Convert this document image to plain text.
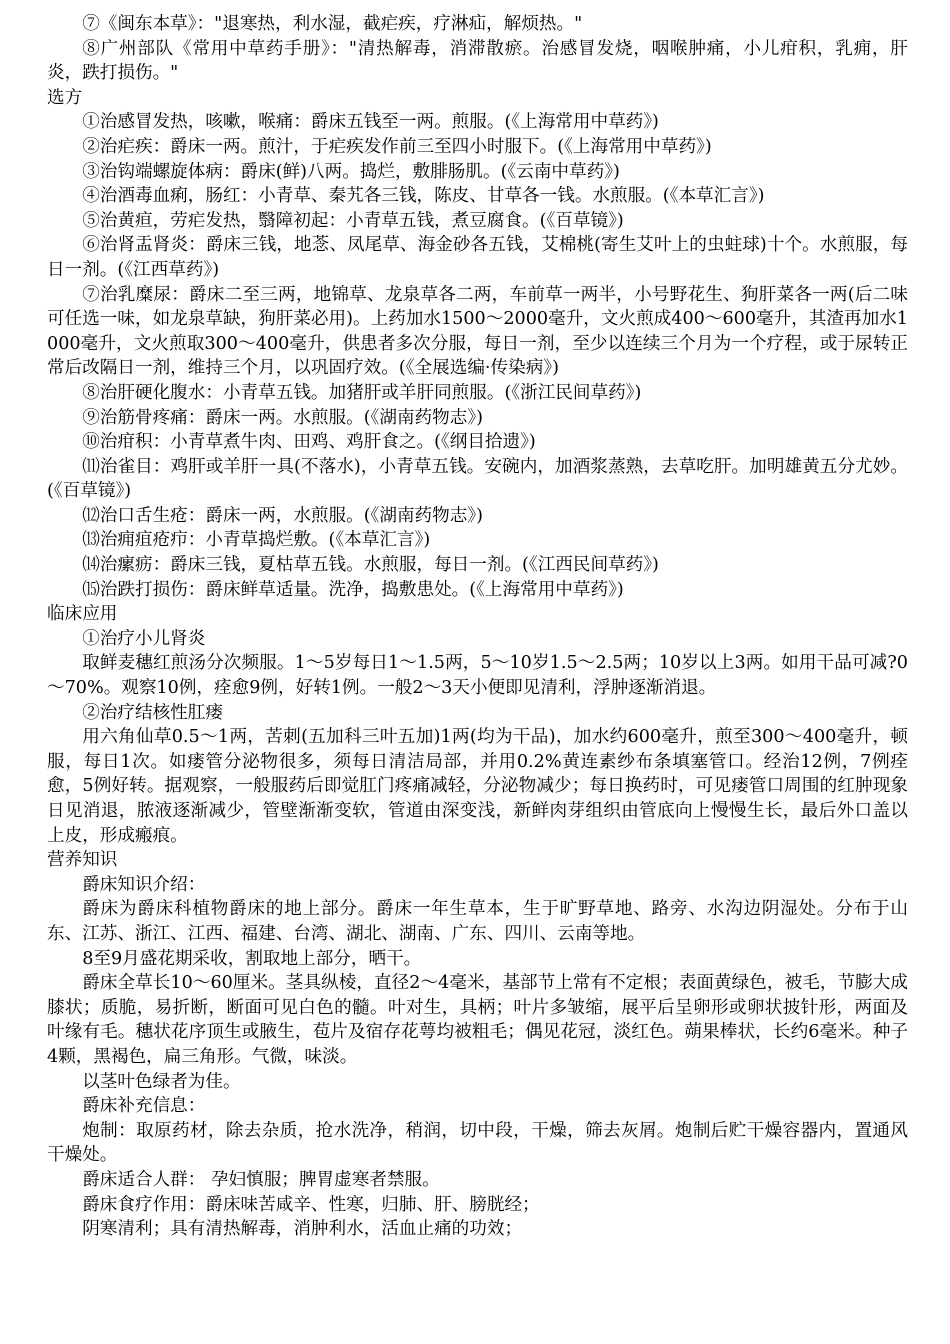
⑦《闽东本草》："退寒热，利水湿，截疟疾，疗淋疝，解烦热。"

⑧广州部队《常用中草药手册》："清热解毒，消滞散瘀。治感冒发烧，咽喉肿痛，小儿疳积，乳痈，肝炎，跌打损伤。"

选方

①治感冒发热，咳嗽，喉痛：爵床五钱至一两。煎服。(《上海常用中草药》)

②治疟疾：爵床一两。煎汁，于疟疾发作前三至四小时服下。(《上海常用中草药》)

③治钩端螺旋体病：爵床(鲜)八两。捣烂，敷腓肠肌。(《云南中草药》)

④治酒毒血痢，肠红：小青草、秦艽各三钱，陈皮、甘草各一钱。水煎服。(《本草汇言》)

⑤治黄疸，劳疟发热，翳障初起：小青草五钱，煮豆腐食。(《百草镜》)

⑥治肾盂肾炎：爵床三钱，地菍、凤尾草、海金砂各五钱，艾棉桃(寄生艾叶上的虫蛀球)十个。水煎服，每日一剂。(《江西草药》)

⑦治乳糜尿：爵床二至三两，地锦草、龙泉草各二两，车前草一两半，小号野花生、狗肝菜各一两(后二味可任选一味，如龙泉草缺，狗肝菜必用)。上药加水1500～2000毫升，文火煎成400～600毫升，其渣再加水1000毫升，文火煎取300～400毫升，供患者多次分服，每日一剂，至少以连续三个月为一个疗程，或于尿转正常后改隔日一剂，维持三个月，以巩固疗效。(《全展选编·传染病》)

⑧治肝硬化腹水：小青草五钱。加猪肝或羊肝同煎服。(《浙江民间草药》)

⑨治筋骨疼痛：爵床一两。水煎服。(《湖南药物志》)

⑩治疳积：小青草煮牛肉、田鸡、鸡肝食之。(《纲目拾遗》)

⑾治雀目：鸡肝或羊肝一具(不落水)，小青草五钱。安碗内，加酒浆蒸熟，去草吃肝。加明雄黄五分尤妙。(《百草镜》)

⑿治口舌生疮：爵床一两，水煎服。(《湖南药物志》)

⒀治痈疽疮疖：小青草捣烂敷。(《本草汇言》)

⒁治瘰疬：爵床三钱，夏枯草五钱。水煎服，每日一剂。(《江西民间草药》)

⒂治跌打损伤：爵床鲜草适量。洗净，捣敷患处。(《上海常用中草药》)

临床应用

①治疗小儿肾炎

取鲜麦穗红煎汤分次频服。1～5岁每日1～1.5两，5～10岁1.5～2.5两；10岁以上3两。如用干品可减?0～70%。观察10例，痊愈9例，好转1例。一般2～3天小便即见清利，浮肿逐渐消退。

②治疗结核性肛瘘

用六角仙草0.5～1两，苦刺(五加科三叶五加)1两(均为干品)，加水约600毫升，煎至300～400毫升，顿服，每日1次。如瘘管分泌物很多，须每日清洁局部，并用0.2%黄连素纱布条填塞管口。经治12例，7例痊愈，5例好转。据观察，一般服药后即觉肛门疼痛减轻，分泌物减少；每日换药时，可见瘘管口周围的红肿现象日见消退，脓液逐渐减少，管壁渐渐变软，管道由深变浅，新鲜肉芽组织由管底向上慢慢生长，最后外口盖以上皮，形成瘢痕。

营养知识

爵床知识介绍：

爵床为爵床科植物爵床的地上部分。爵床一年生草本，生于旷野草地、路旁、水沟边阴湿处。分布于山东、江苏、浙江、江西、福建、台湾、湖北、湖南、广东、四川、云南等地。

8至9月盛花期采收，割取地上部分，晒干。

爵床全草长10～60厘米。茎具纵棱，直径2～4毫米，基部节上常有不定根；表面黄绿色，被毛，节膨大成膝状；质脆，易折断，断面可见白色的髓。叶对生，具柄；叶片多皱缩，展平后呈卵形或卵状披针形，两面及叶缘有毛。穗状花序顶生或腋生，苞片及宿存花萼均被粗毛；偶见花冠，淡红色。蒴果棒状，长约6毫米。种子4颗，黑褐色，扁三角形。气微，味淡。

以茎叶色绿者为佳。

爵床补充信息：

炮制：取原药材，除去杂质，抢水洗净，稍润，切中段，干燥，筛去灰屑。炮制后贮干燥容器内，置通风干燥处。

爵床适合人群： 孕妇慎服；脾胃虚寒者禁服。

爵床食疗作用：爵床味苦咸辛、性寒，归肺、肝、膀胱经；

阴寒清利；具有清热解毒，消肿利水，活血止痛的功效；
